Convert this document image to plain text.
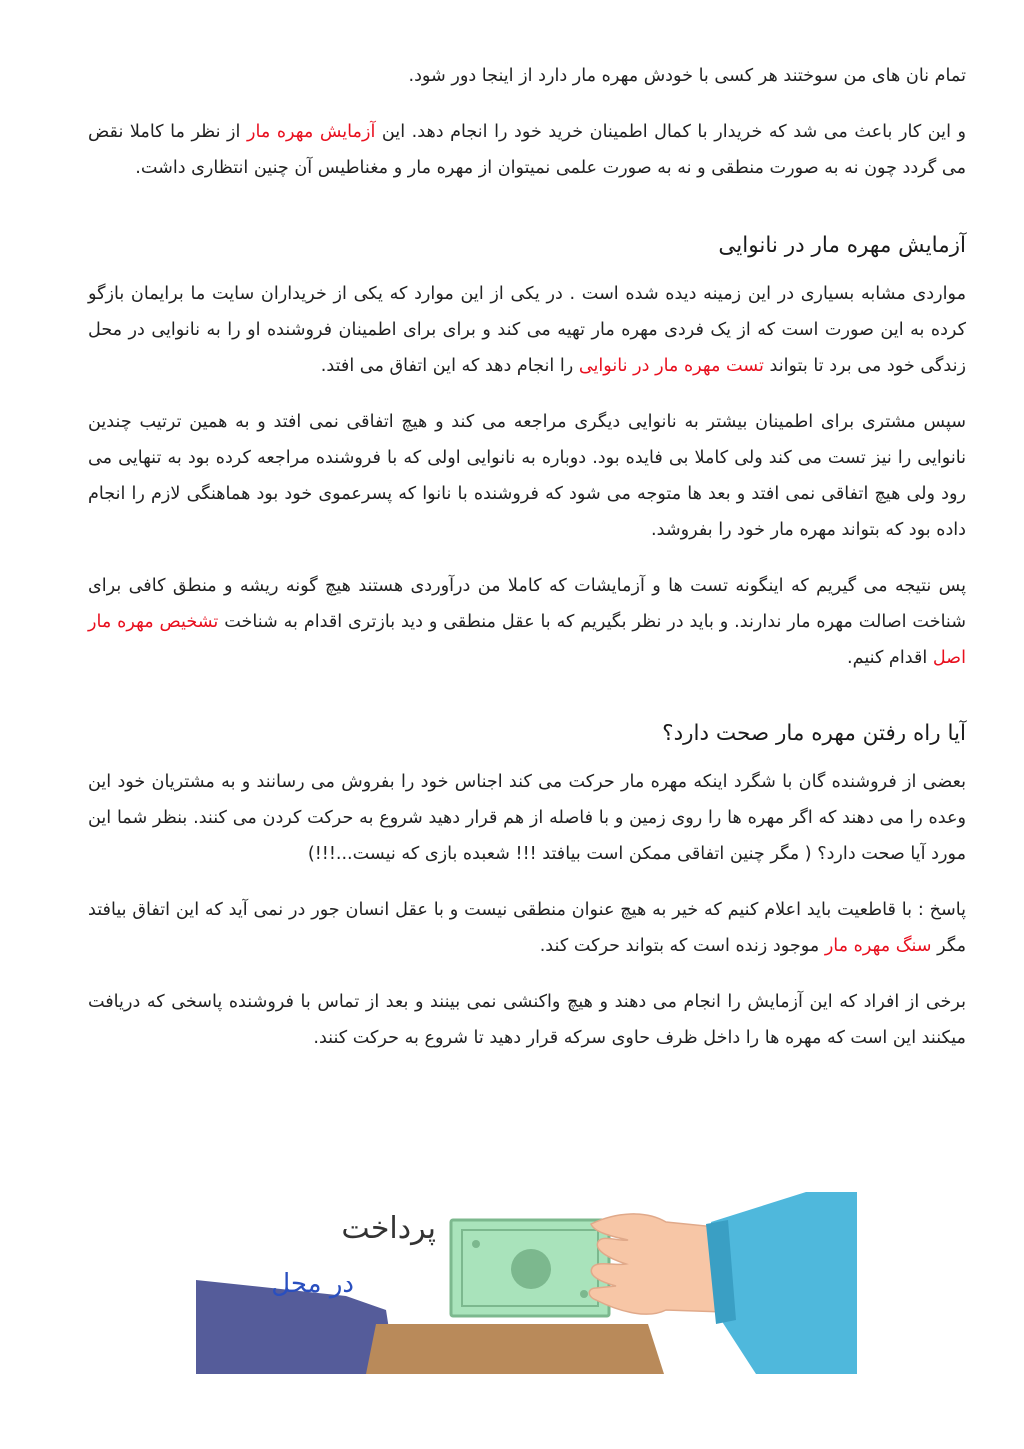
تمام نان های من سوختند هر کسی با خودش مهره مار دارد از اینجا دور شود.

و این کار باعث می شد که خریدار با کمال اطمینان خرید خود را انجام دهد. این آزمایش مهره مار از نظر ما کاملا نقض می گردد چون نه به صورت منطقی و نه به صورت علمی نمیتوان از مهره مار و مغناطیس آن چنین انتظاری داشت.

آزمایش مهره مار در نانوایی

مواردی مشابه بسیاری در این زمینه دیده شده است . در یکی از این موارد که یکی از خریداران سایت ما برایمان بازگو کرده به این صورت است که از یک فردی مهره مار تهیه می کند و برای برای اطمینان فروشنده او را به نانوایی در محل زندگی خود می برد تا بتواند تست مهره مار در نانوایی را انجام دهد که این اتفاق می افتد.

سپس مشتری برای اطمینان بیشتر به نانوایی دیگری مراجعه می کند و هیچ اتفاقی نمی افتد و به همین ترتیب چندین نانوایی را نیز تست می کند ولی کاملا بی فایده بود. دوباره به نانوایی اولی که با فروشنده مراجعه کرده بود به تنهایی می رود ولی هیچ اتفاقی نمی افتد و بعد ها متوجه می شود که فروشنده با نانوا که پسرعموی خود بود هماهنگی لازم را انجام داده بود که بتواند مهره مار خود را بفروشد.

پس نتیجه می گیریم که اینگونه تست ها و آزمایشات که کاملا من درآوردی هستند هیچ گونه ریشه و منطق کافی برای شناخت اصالت مهره مار ندارند. و باید در نظر بگیریم که با عقل منطقی و دید بازتری اقدام به شناخت تشخیص مهره مار اصل اقدام کنیم.

آیا راه رفتن مهره مار صحت دارد؟

بعضی از فروشنده گان با شگرد اینکه مهره مار حرکت می کند اجناس خود را بفروش می رسانند و به مشتریان خود این وعده را می دهند که اگر مهره ها را روی زمین و با فاصله از هم قرار دهید شروع به حرکت کردن می کنند. بنظر شما این مورد آیا صحت دارد؟ ( مگر چنین اتفاقی ممکن است بیافتد !!! شعبده بازی که نیست...!!!)

پاسخ : با قاطعیت باید اعلام کنیم که خیر به هیچ عنوان منطقی نیست و با عقل انسان جور در نمی آید که این اتفاق بیافتد مگر سنگ مهره مار موجود زنده است که بتواند حرکت کند.

برخی از افراد که این آزمایش را انجام می دهند و هیچ واکنشی نمی بینند و بعد از تماس با فروشنده پاسخی که دریافت میکنند این است که مهره ها را داخل ظرف حاوی سرکه قرار دهید تا شروع به حرکت کنند.

پرداخت
در محل
